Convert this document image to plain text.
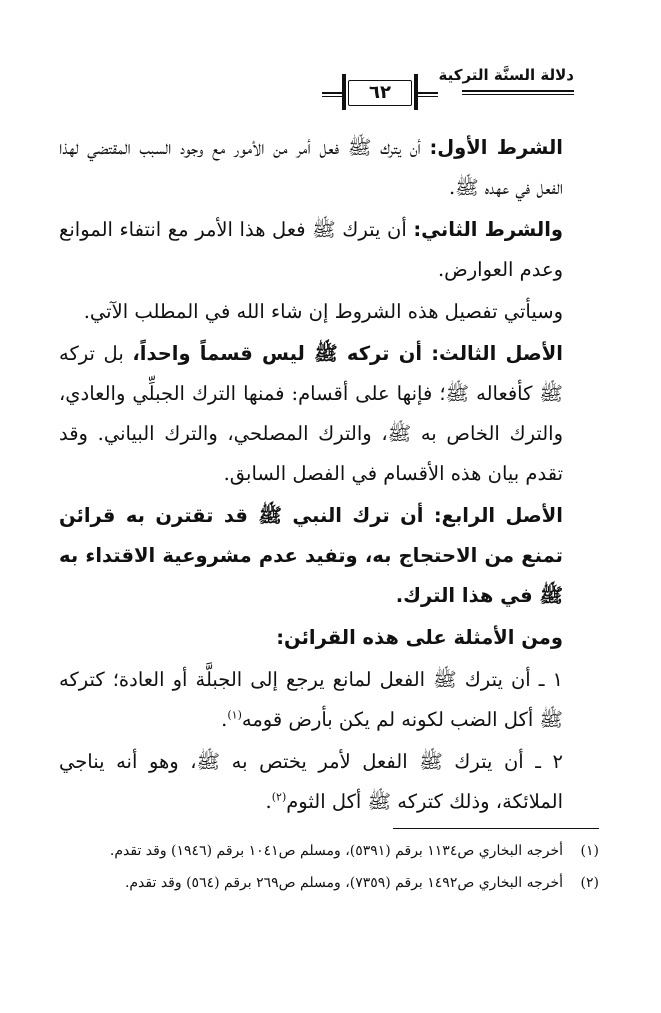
دلالة السنَّة التركية
٦٢

الشرط الأول: أن يترك ﷺ فعل أمر من الأمور مع وجود السبب المقتضي لهذا الفعل في عهده ﷺ.

والشرط الثاني: أن يترك ﷺ فعل هذا الأمر مع انتفاء الموانع وعدم العوارض.

وسيأتي تفصيل هذه الشروط إن شاء الله في المطلب الآتي.

الأصل الثالث: أن تركه ﷺ ليس قسماً واحداً، بل تركه ﷺ كأفعاله ﷺ؛ فإنها على أقسام: فمنها الترك الجبلِّي والعادي، والترك الخاص به ﷺ، والترك المصلحي، والترك البياني. وقد تقدم بيان هذه الأقسام في الفصل السابق.

الأصل الرابع: أن ترك النبي ﷺ قد تقترن به قرائن تمنع من الاحتجاج به، وتفيد عدم مشروعية الاقتداء به ﷺ في هذا الترك.

ومن الأمثلة على هذه القرائن:

١ ـ أن يترك ﷺ الفعل لمانع يرجع إلى الجبلَّة أو العادة؛ كتركه ﷺ أكل الضب لكونه لم يكن بأرض قومه$^{(١)}$.

٢ ـ أن يترك ﷺ الفعل لأمر يختص به ﷺ، وهو أنه يناجي الملائكة، وذلك كتركه ﷺ أكل الثوم$^{(٢)}$.

(١)
أخرجه البخاري ص١١٣٤ برقم (٥٣٩١)، ومسلم ص١٠٤١ برقم (١٩٤٦) وقد تقدم.
(٢)
أخرجه البخاري ص١٤٩٢ برقم (٧٣٥٩)، ومسلم ص٢٦٩ برقم (٥٦٤) وقد تقدم.
